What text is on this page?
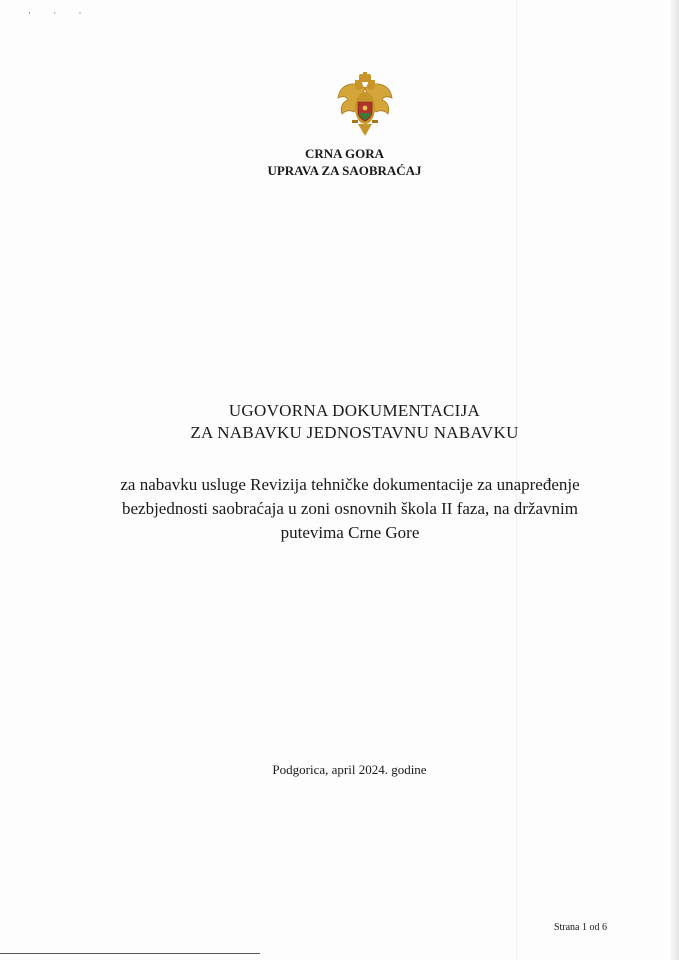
· · ·
CRNA GORA
UPRAVA ZA SAOBRAĆAJ
UGOVORNA DOKUMENTACIJA
ZA NABAVKU JEDNOSTAVNU NABAVKU
za nabavku usluge Revizija tehničke dokumentacije za unapređenje
bezbjednosti saobraćaja u zoni osnovnih škola II faza, na državnim
putevima Crne Gore
Podgorica, april 2024. godine
Strana 1 od 6
